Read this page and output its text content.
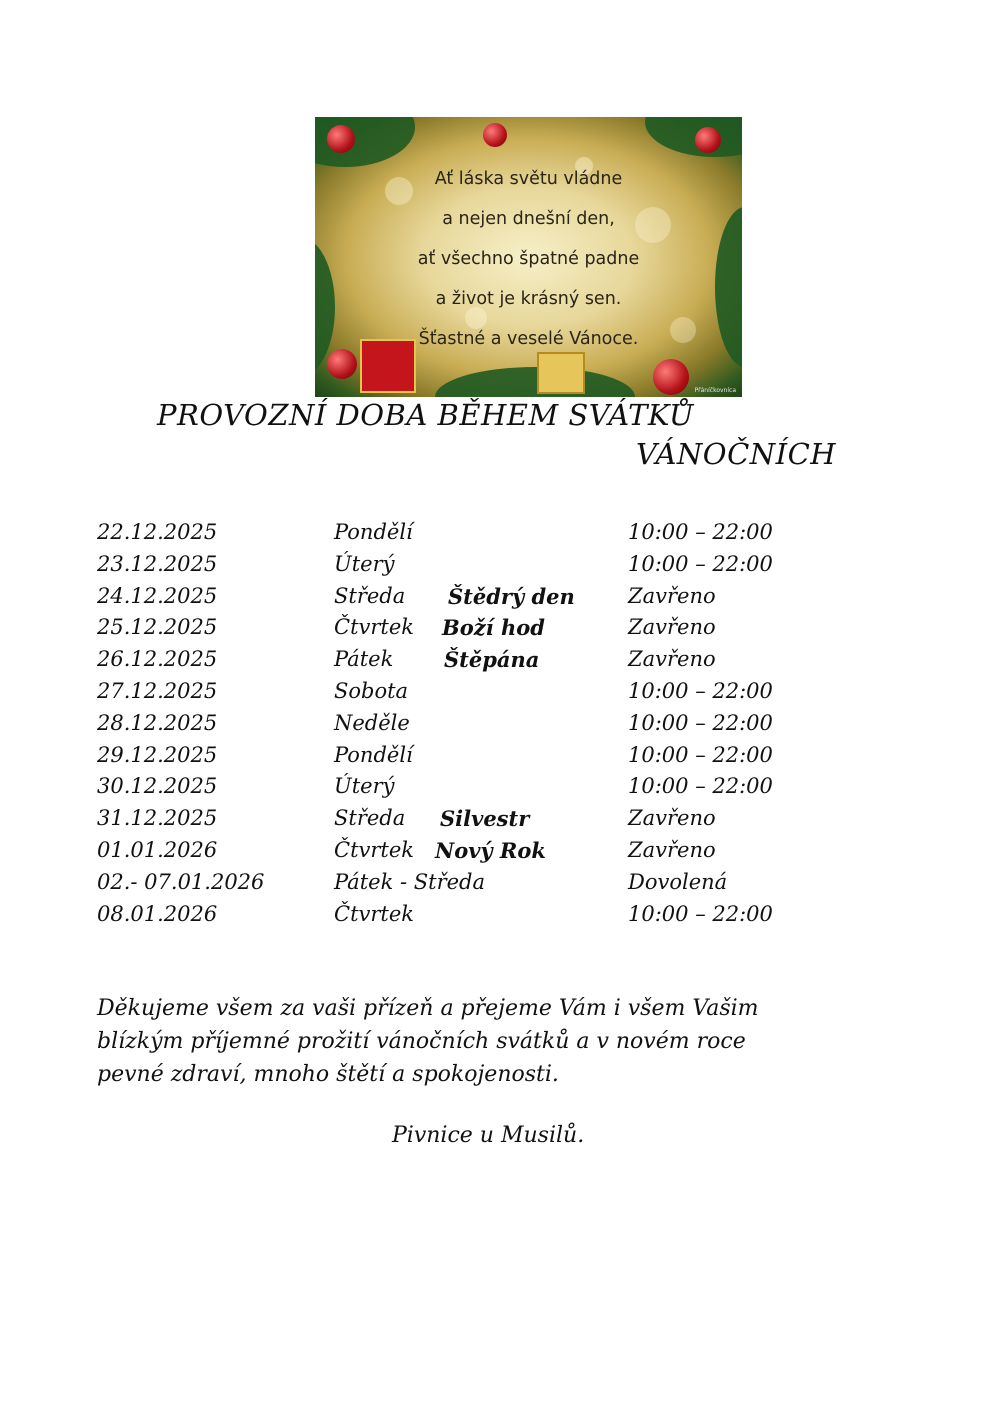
Ať láska světu vládne
a nejen dnešní den,
ať všechno špatné padne
a život je krásný sen.
Šťastné a veselé Vánoce.
Přáníčkovníca
PROVOZNÍ DOBA BĚHEM SVÁTKŮ
VÁNOČNÍCH
22.12.2025	Pondělí	10:00 – 22:00
23.12.2025	Úterý	10:00 – 22:00
24.12.2025	Středa Štědrý den	Zavřeno
25.12.2025	Čtvrtek Boží hod	Zavřeno
26.12.2025	Pátek Štěpána	Zavřeno
27.12.2025	Sobota	10:00 – 22:00
28.12.2025	Neděle	10:00 – 22:00
29.12.2025	Pondělí	10:00 – 22:00
30.12.2025	Úterý	10:00 – 22:00
31.12.2025	Středa Silvestr	Zavřeno
01.01.2026	Čtvrtek Nový Rok	Zavřeno
02.- 07.01.2026	Pátek - Středa	Dovolená
08.01.2026	Čtvrtek	10:00 – 22:00
Děkujeme všem za vaši přízeň a přejeme Vám i všem Vašim
blízkým příjemné prožití vánočních svátků a v novém roce
pevné zdraví, mnoho štětí a spokojenosti.
Pivnice u Musilů.
